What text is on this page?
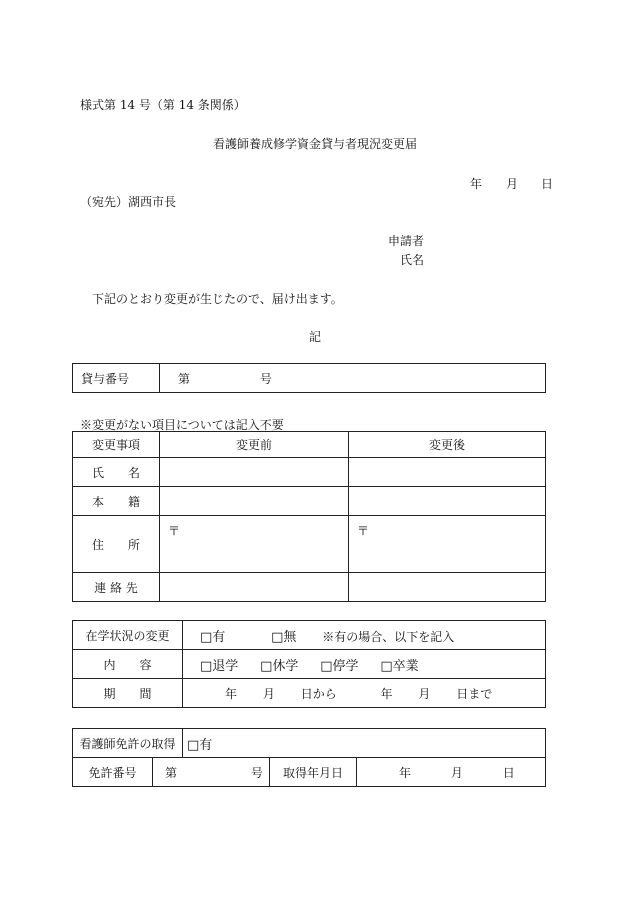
様式第 14 号（第 14 条関係）
看護師養成修学資金貸与者現況変更届
年 月 日
（宛先）湖西市長
申請者
氏名
下記のとおり変更が生じたので、届け出ます。
記
貸与番号	第	号
※変更がない項目については記入不要
変更事項	変更前	変更後
氏　　名		
本　　籍		
住　　所	〒	〒
連 絡 先		
在学状況の変更	□有 □無 ※有の場合、以下を記入
内　　容	□退学 □休学 □停学 □卒業
期　　間	年 月 日から 年 月 日まで
看護師免許の取得		□有		
免許番号	第 号		取得年月日	年 月 日
